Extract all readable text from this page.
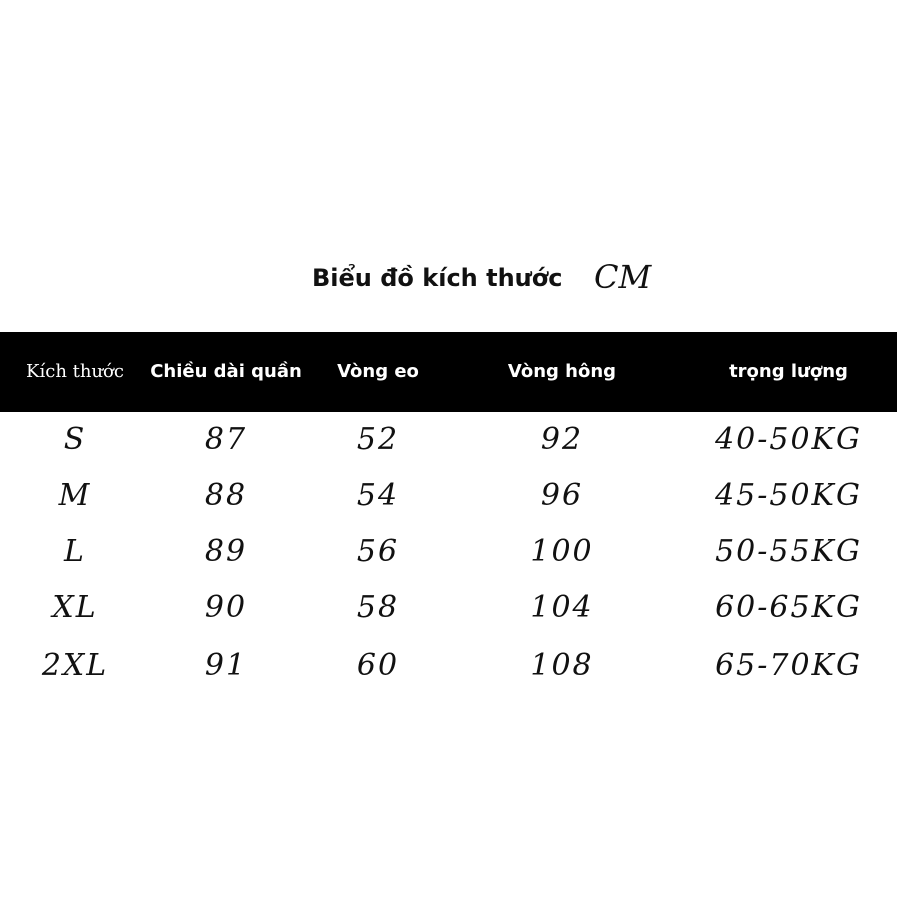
Biểu đồ kích thước CM
Kích thước	Chiều dài quần	Vòng eo	Vòng hông	trọng lượng
S	87	52	92	40-50KG
M	88	54	96	45-50KG
L	89	56	100	50-55KG
XL	90	58	104	60-65KG
2XL	91	60	108	65-70KG
